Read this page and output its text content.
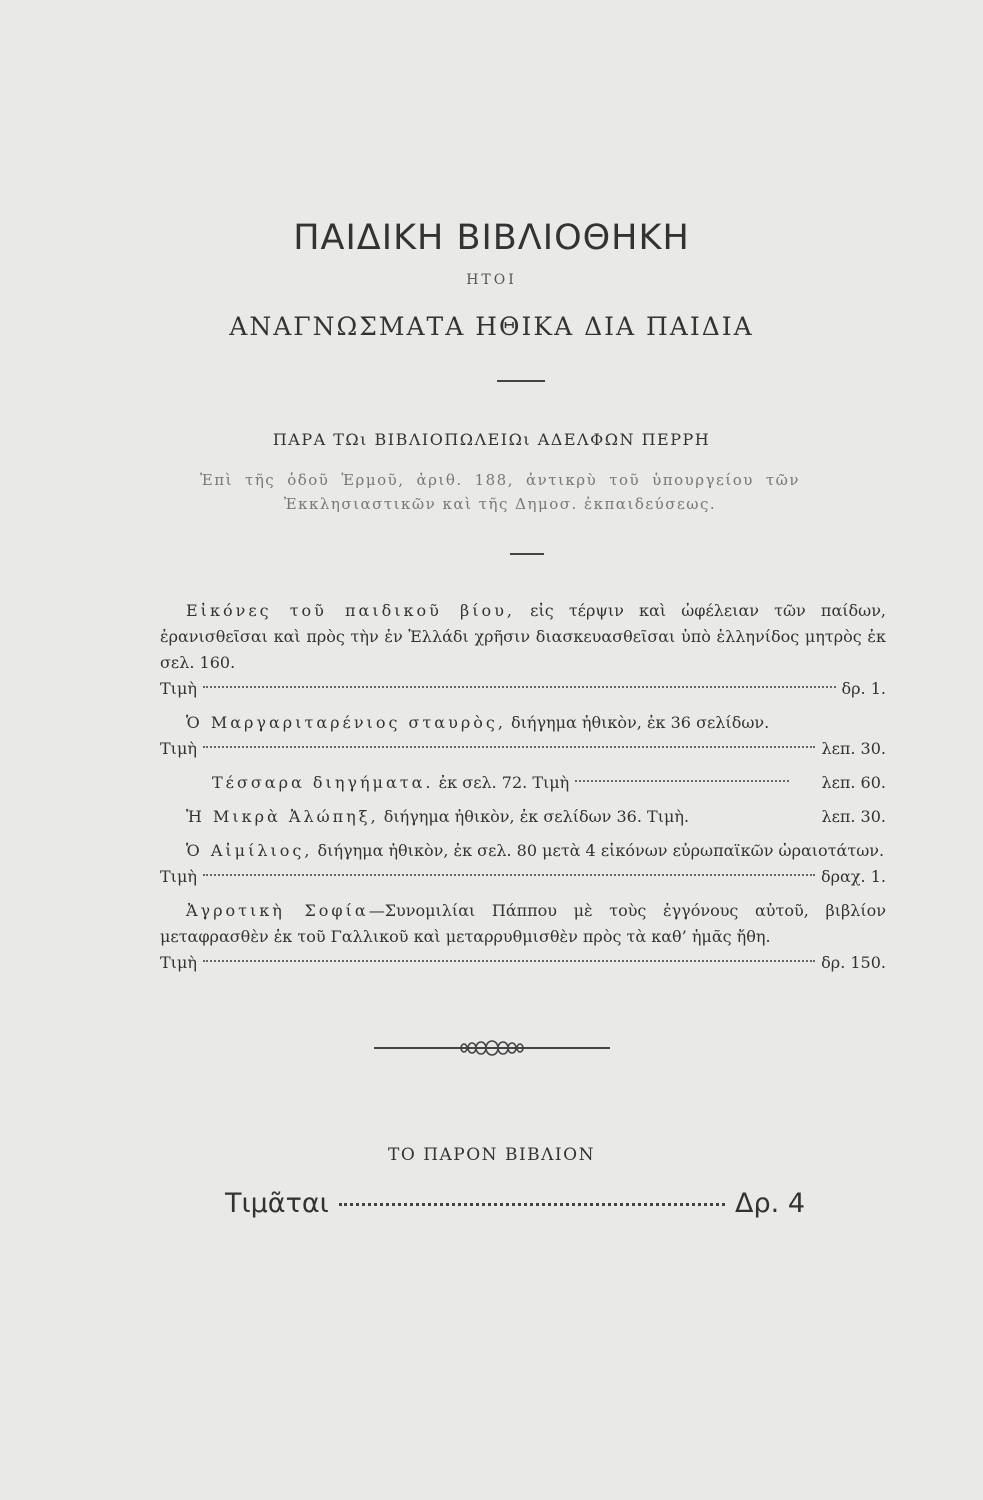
ΠΑΙΔΙΚΗ ΒΙΒΛΙΟΘΗΚΗ
ΗΤΟΙ
ΑΝΑΓΝΩΣΜΑΤΑ ΗΘΙΚΑ ΔΙΑ ΠΑΙΔΙΑ
ΠΑΡΑ ΤΩι ΒΙΒΛΙΟΠΩΛΕΙΩι ΑΔΕΛΦΩΝ ΠΕΡΡΗ
Ἐπὶ τῆς ὁδοῦ Ἑρμοῦ, ἀριθ. 188, ἀντικρὺ τοῦ ὑπουργείου τῶν Ἐκκλησιαστικῶν καὶ τῆς Δημοσ. ἐκπαιδεύσεως.
Εἰκόνες τοῦ παιδικοῦ βίου, εἰς τέρψιν καὶ ὠφέλειαν τῶν παίδων, ἐρανισθεῖσαι καὶ πρὸς τὴν ἐν Ἑλλάδι χρῆσιν διασκευασθεῖσαι ὑπὸ ἑλληνίδος μητρὸς ἐκ σελ. 160.
Τιμὴ	δρ. 1.
Ὁ Μαργαριταρένιος σταυρὸς, διήγημα ἠθικὸν, ἐκ 36 σελίδων.
Τιμὴ	λεπ. 30.
Τέσσαρα διηγήματα. ἐκ σελ. 72. Τιμὴ	λεπ. 60.
Ἡ Μικρὰ Ἀλώπηξ, διήγημα ἠθικὸν, ἐκ σελίδων 36. Τιμὴ.	λεπ. 30.
Ὁ Αἰμίλιος, διήγημα ἠθικὸν, ἐκ σελ. 80 μετὰ 4 εἰκόνων εὐρωπαϊκῶν ὡραιοτάτων.
Τιμὴ	δραχ. 1.
Ἀγροτικὴ Σοφία—Συνομιλίαι Πάππου μὲ τοὺς ἐγγόνους αὐτοῦ, βιβλίον μεταφρασθὲν ἐκ τοῦ Γαλλικοῦ καὶ μεταρρυθμισθὲν πρὸς τὰ καθ’ ἡμᾶς ἤθη.
Τιμὴ	δρ. 150.
ΤΟ ΠΑΡΟΝ ΒΙΒΛΙΟΝ
Τιμᾶται	Δρ. 4
